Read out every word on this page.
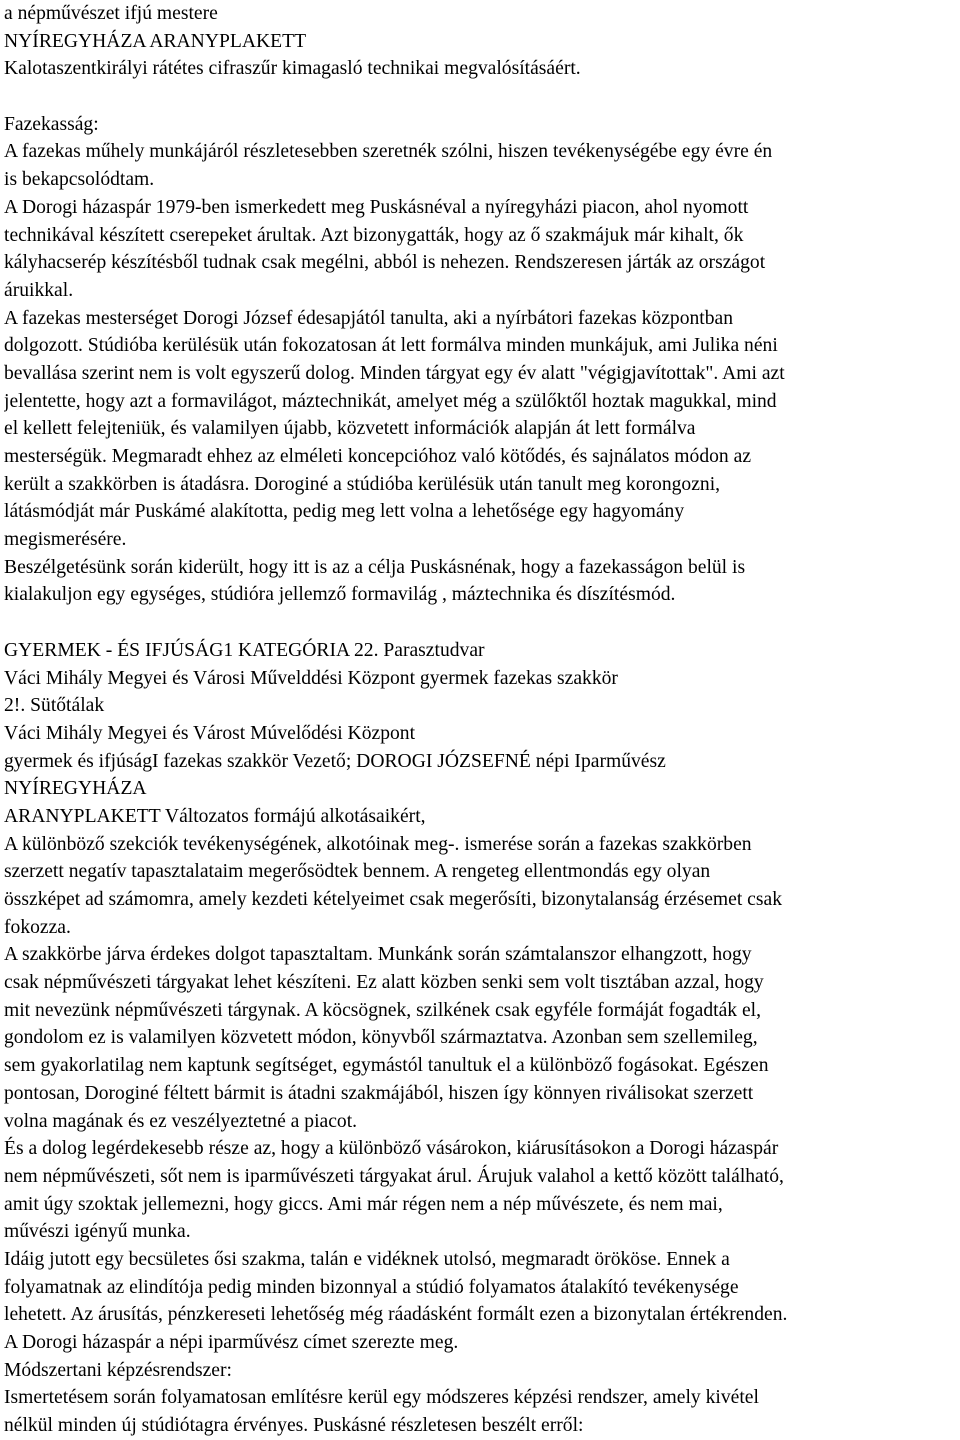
a népművészet ifjú mestere
NYÍREGYHÁZA ARANYPLAKETT
Kalotaszentkirályi rátétes cifraszűr kimagasló technikai megvalósításáért.
Fazekasság:
A fazekas műhely munkájáról részletesebben szeretnék szólni, hiszen tevékenységébe egy évre én
is bekapcsolódtam.
A Dorogi házaspár 1979-ben ismerkedett meg Puskásnéval a nyíregyházi piacon, ahol nyomott
technikával készített cserepeket árultak. Azt bizonygatták, hogy az ő szakmájuk már kihalt, ők
kályhacserép készítésből tudnak csak megélni, abból is nehezen. Rendszeresen járták az országot
áruikkal.
A fazekas mesterséget Dorogi József édesapjától tanulta, aki a nyírbátori fazekas központban
dolgozott. Stúdióba kerülésük után fokozatosan át lett formálva minden munkájuk, ami Julika néni
bevallása szerint nem is volt egyszerű dolog. Minden tárgyat egy év alatt "végigjavítottak". Ami azt
jelentette, hogy azt a formavilágot, máztechnikát, amelyet még a szülőktől hoztak magukkal, mind
el kellett felejteniük, és valamilyen újabb, közvetett információk alapján át lett formálva
mesterségük. Megmaradt ehhez az elméleti koncepcióhoz való kötődés, és sajnálatos módon az
került a szakkörben is átadásra. Doroginé a stúdióba kerülésük után tanult meg korongozni,
látásmódját már Puskámé alakította, pedig meg lett volna a lehetősége egy hagyomány
megismerésére.
Beszélgetésünk során kiderült, hogy itt is az a célja Puskásnénak, hogy a fazekasságon belül is
kialakuljon egy egységes, stúdióra jellemző formavilág , máztechnika és díszítésmód.
GYERMEK - ÉS IFJÚSÁG1 KATEGÓRIA 22. Parasztudvar
Váci Mihály Megyei és Városi Művelddési Központ gyermek fazekas szakkör
2!. Sütőtálak
Váci Mihály Megyei és Várost Múvelődési Központ
gyermek és ifjúságI fazekas szakkör Vezető; DOROGI JÓZSEFNÉ népi Iparművész
NYÍREGYHÁZA
ARANYPLAKETT Változatos formájú alkotásaikért,
A különböző szekciók tevékenységének, alkotóinak meg-. ismerése során a fazekas szakkörben
szerzett negatív tapasztalataim megerősödtek bennem. A rengeteg ellentmondás egy olyan
összképet ad számomra, amely kezdeti kételyeimet csak megerősíti, bizonytalanság érzésemet csak
fokozza.
A szakkörbe járva érdekes dolgot tapasztaltam. Munkánk során számtalanszor elhangzott, hogy
csak népművészeti tárgyakat lehet készíteni. Ez alatt közben senki sem volt tisztában azzal, hogy
mit nevezünk népművészeti tárgynak. A köcsögnek, szilkének csak egyféle formáját fogadták el,
gondolom ez is valamilyen közvetett módon, könyvből származtatva. Azonban sem szellemileg,
sem gyakorlatilag nem kaptunk segítséget, egymástól tanultuk el a különböző fogásokat. Egészen
pontosan, Doroginé féltett bármit is átadni szakmájából, hiszen így könnyen riválisokat szerzett
volna magának és ez veszélyeztetné a piacot.
És a dolog legérdekesebb része az, hogy a különböző vásárokon, kiárusításokon a Dorogi házaspár
nem népművészeti, sőt nem is iparművészeti tárgyakat árul. Árujuk valahol a kettő között található,
amit úgy szoktak jellemezni, hogy giccs. Ami már régen nem a nép művészete, és nem mai,
művészi igényű munka.
Idáig jutott egy becsületes ősi szakma, talán e vidéknek utolsó, megmaradt örököse. Ennek a
folyamatnak az elindítója pedig minden bizonnyal a stúdió folyamatos átalakító tevékenysége
lehetett. Az árusítás, pénzkereseti lehetőség még ráadásként formált ezen a bizonytalan értékrenden.
A Dorogi házaspár a népi iparművész címet szerezte meg.
Módszertani képzésrendszer:
Ismertetésem során folyamatosan említésre kerül egy módszeres képzési rendszer, amely kivétel
nélkül minden új stúdiótagra érvényes. Puskásné részletesen beszélt erről:
